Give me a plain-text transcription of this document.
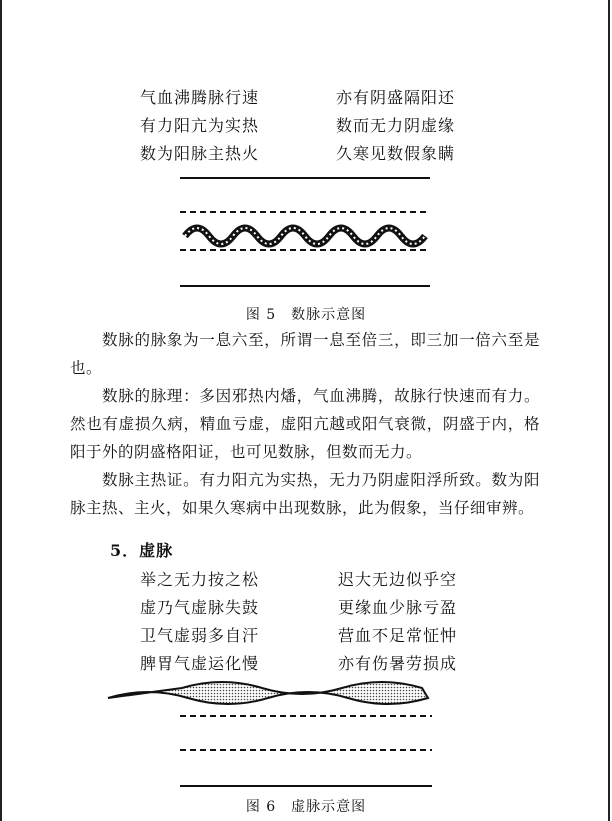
气血沸腾脉行速
有力阳亢为实热
数为阳脉主热火
亦有阴盛隔阳还
数而无力阴虚缘
久寒见数假象瞒
图 5　数脉示意图
数脉的脉象为一息六至，所谓一息至倍三，即三加一倍六至是也。
数脉的脉理：多因邪热内燔，气血沸腾，故脉行快速而有力。然也有虚损久病，精血亏虚，虚阳亢越或阳气衰微，阴盛于内，格阳于外的阴盛格阳证，也可见数脉，但数而无力。
数脉主热证。有力阳亢为实热，无力乃阴虚阳浮所致。数为阳脉主热、主火，如果久寒病中出现数脉，此为假象，当仔细审辨。
5．虚脉
举之无力按之松
虚乃气虚脉失鼓
卫气虚弱多自汗
脾胃气虚运化慢
迟大无边似乎空
更缘血少脉亏盈
营血不足常怔忡
亦有伤暑劳损成
图 6　虚脉示意图
